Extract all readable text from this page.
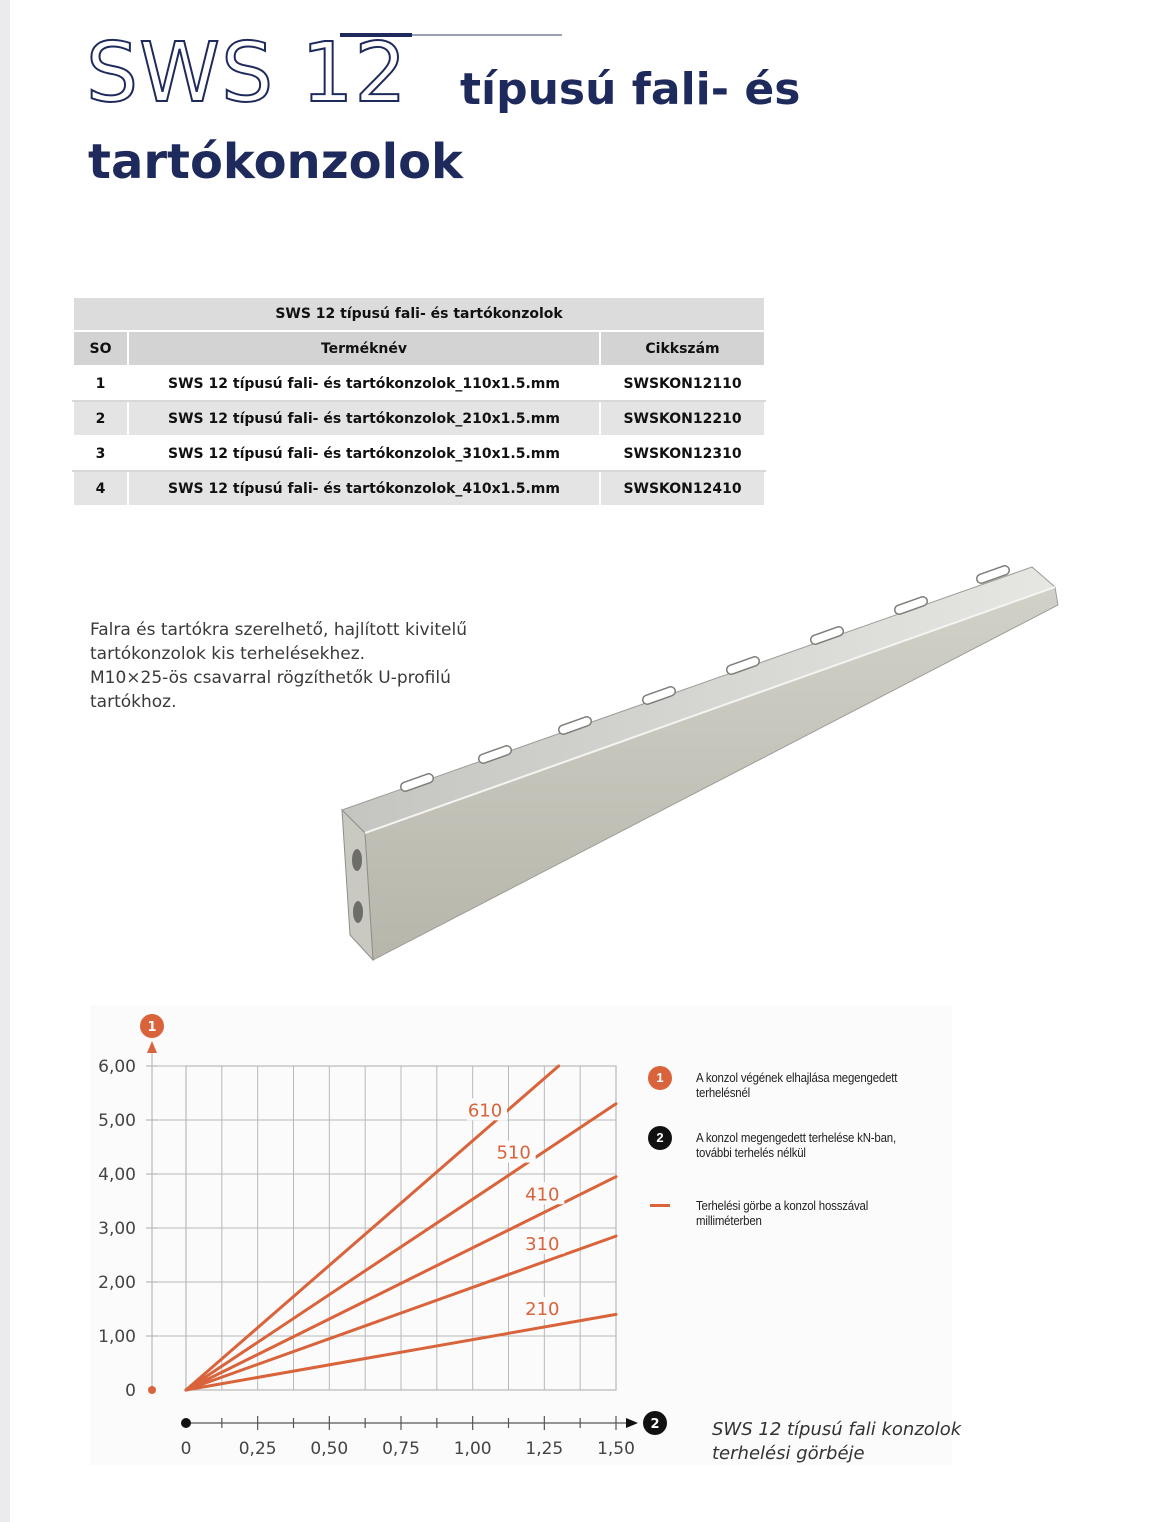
SWS 12 típusú fali- és
tartókonzolok
SWS 12 típusú fali- és tartókonzolok		
SO	Terméknév	Cikkszám
1	SWS 12 típusú fali- és tartókonzolok_110x1.5.mm	SWSKON12110
2	SWS 12 típusú fali- és tartókonzolok_210x1.5.mm	SWSKON12210
3	SWS 12 típusú fali- és tartókonzolok_310x1.5.mm	SWSKON12310
4	SWS 12 típusú fali- és tartókonzolok_410x1.5.mm	SWSKON12410
Falra és tartókra szerelhető, hajlított kivitelű
tartókonzolok kis terhelésekhez.
M10×25-ös csavarral rögzíthetők U-profilú
tartókhoz.
1
0
1,00
2,00
3,00
4,00
5,00
6,00
2
0	0,25 0,50 0,75 1,00 1,25 1,50
610
510
410
310
210
1	A konzol végének elhajlása megengedett terhelésnél
2	A konzol megengedett terhelése kN-ban, további terhelés nélkül
Terhelési görbe a konzol hosszával milliméterben
SWS 12 típusú fali konzolok
terhelési görbéje
